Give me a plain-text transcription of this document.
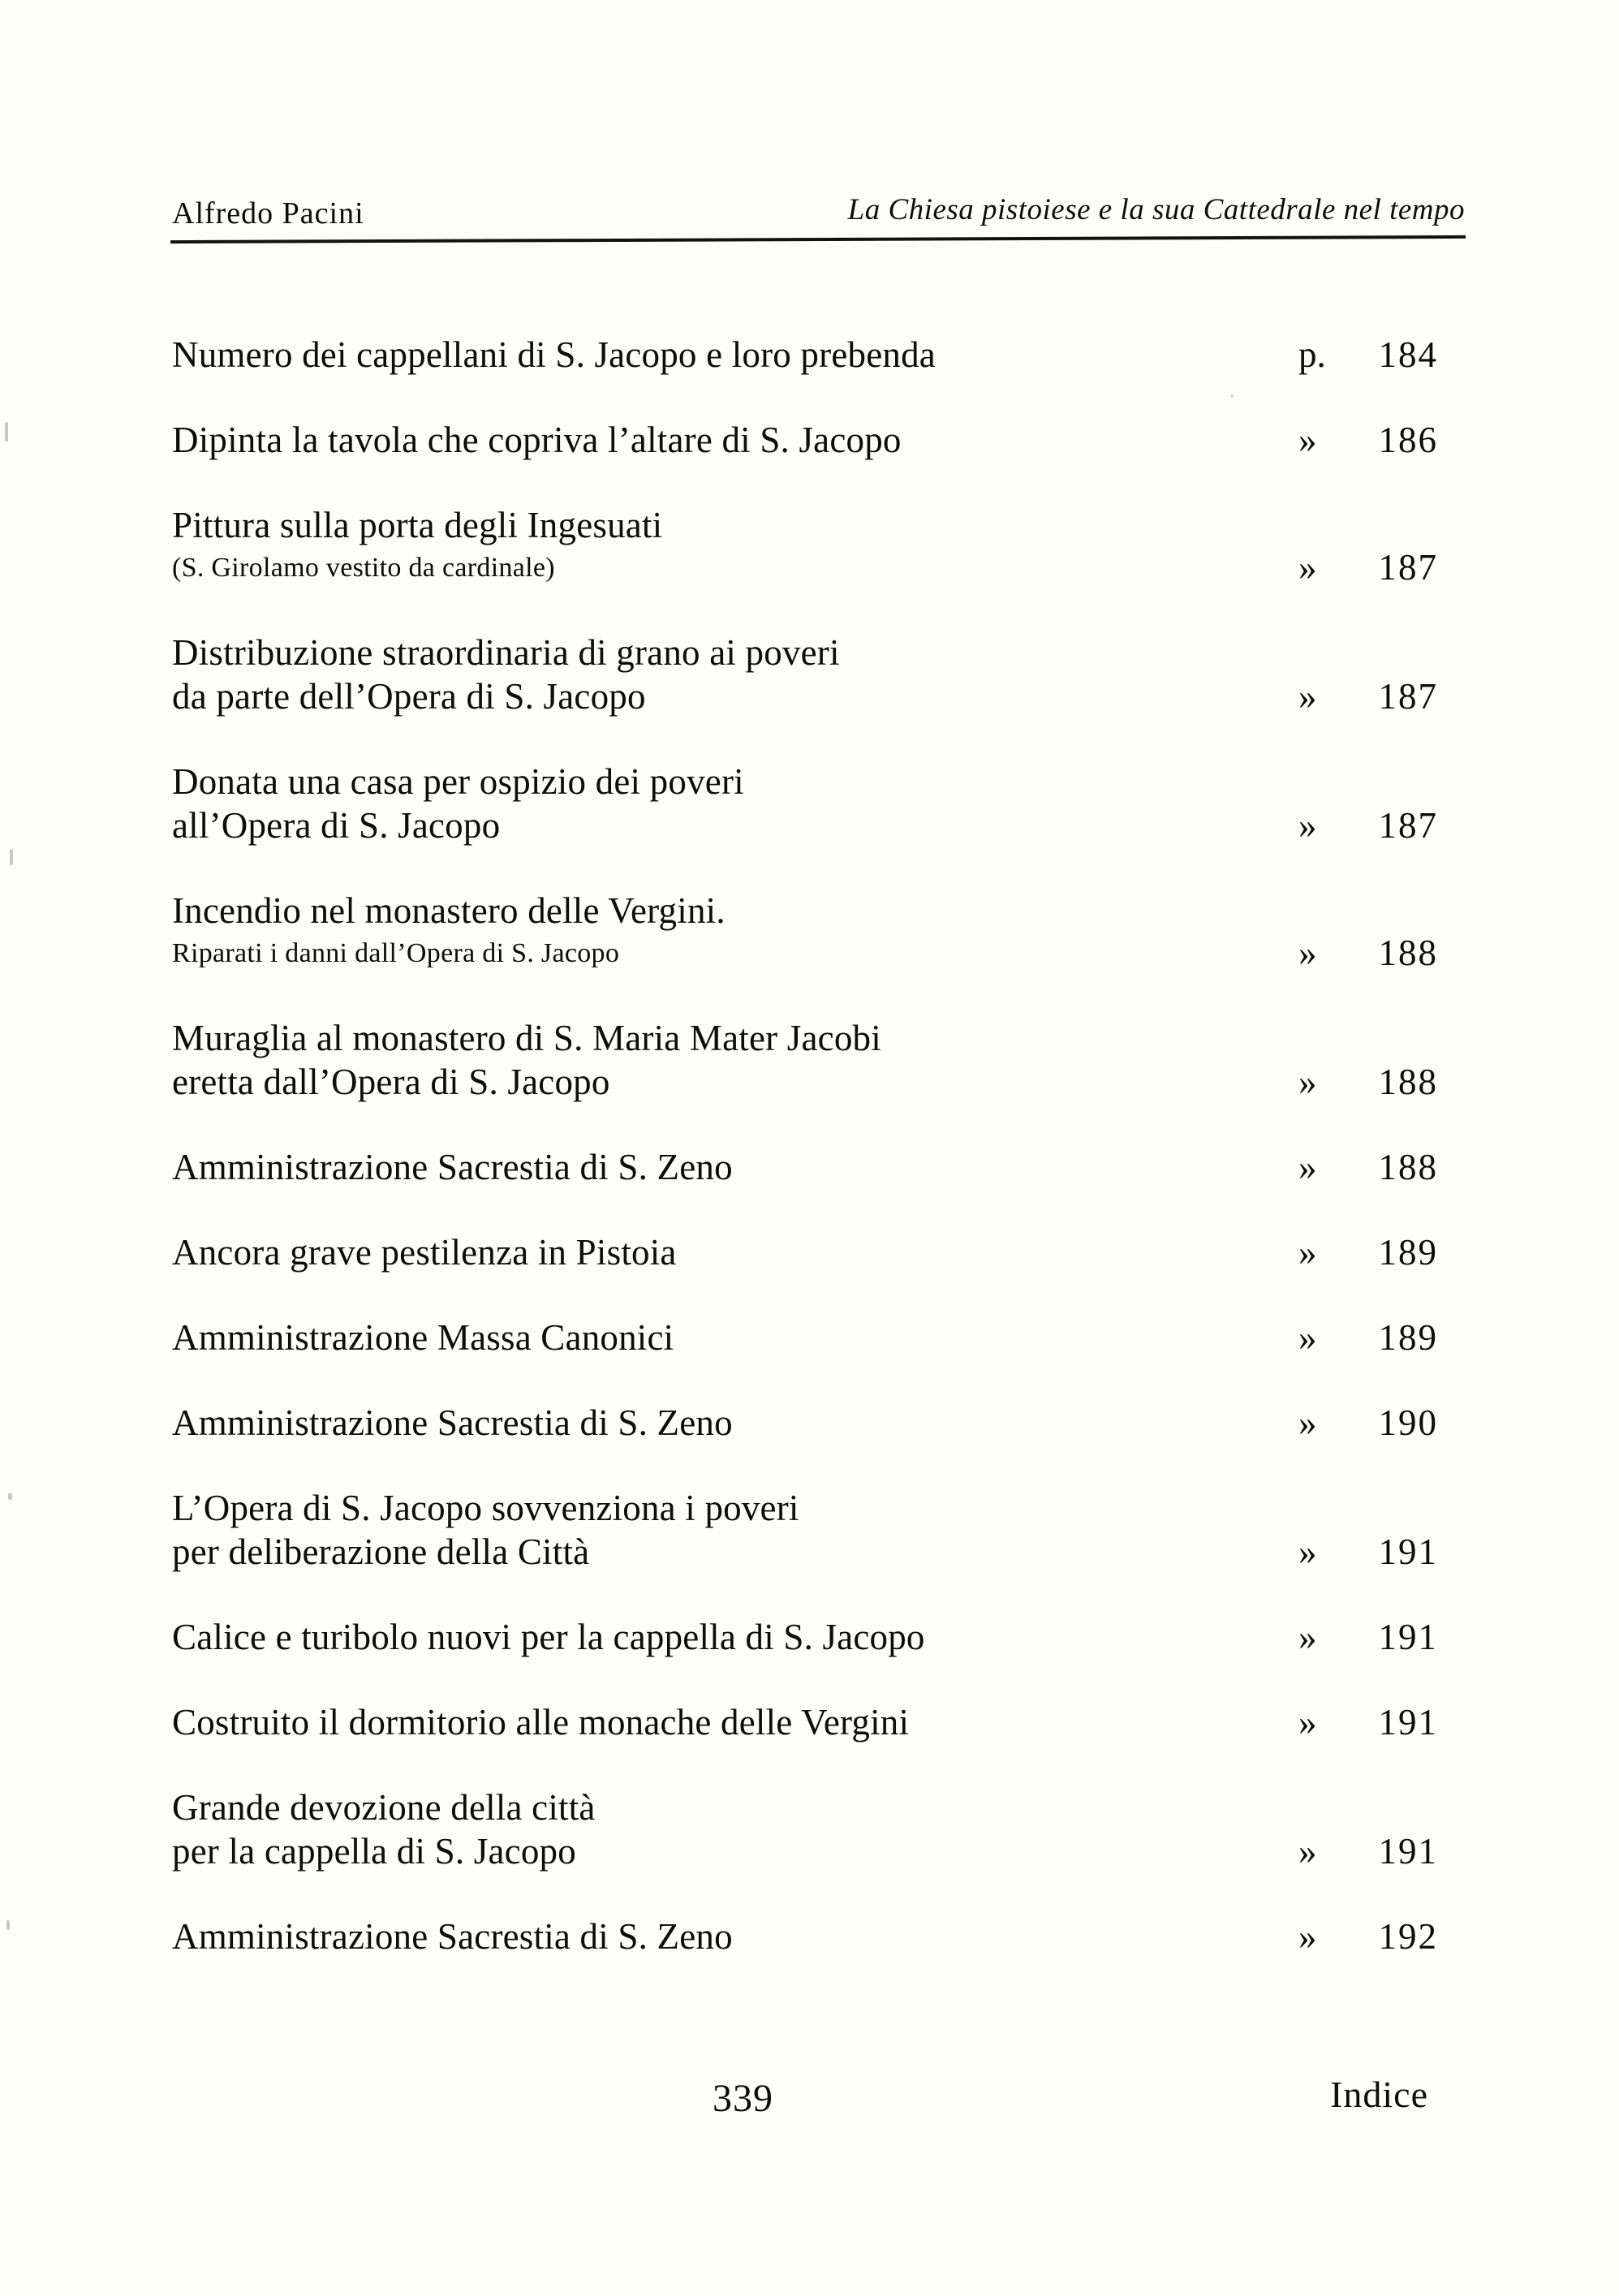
Alfredo Pacini	La Chiesa pistoiese e la sua Cattedrale nel tempo
Numero dei cappellani di S. Jacopo e loro prebenda	p.	184
Dipinta la tavola che copriva l’altare di S. Jacopo	»	186
Pittura sulla porta degli Ingesuati
(S. Girolamo vestito da cardinale)	»	187
Distribuzione straordinaria di grano ai poveri
da parte dell’Opera di S. Jacopo	»	187
Donata una casa per ospizio dei poveri
all’Opera di S. Jacopo	»	187
Incendio nel monastero delle Vergini.
Riparati i danni dall’Opera di S. Jacopo	»	188
Muraglia al monastero di S. Maria Mater Jacobi
eretta dall’Opera di S. Jacopo	»	188
Amministrazione Sacrestia di S. Zeno	»	188
Ancora grave pestilenza in Pistoia	»	189
Amministrazione Massa Canonici	»	189
Amministrazione Sacrestia di S. Zeno	»	190
L’Opera di S. Jacopo sovvenziona i poveri
per deliberazione della Città	»	191
Calice e turibolo nuovi per la cappella di S. Jacopo	»	191
Costruito il dormitorio alle monache delle Vergini	»	191
Grande devozione della città
per la cappella di S. Jacopo	»	191
Amministrazione Sacrestia di S. Zeno	»	192
339	Indice
